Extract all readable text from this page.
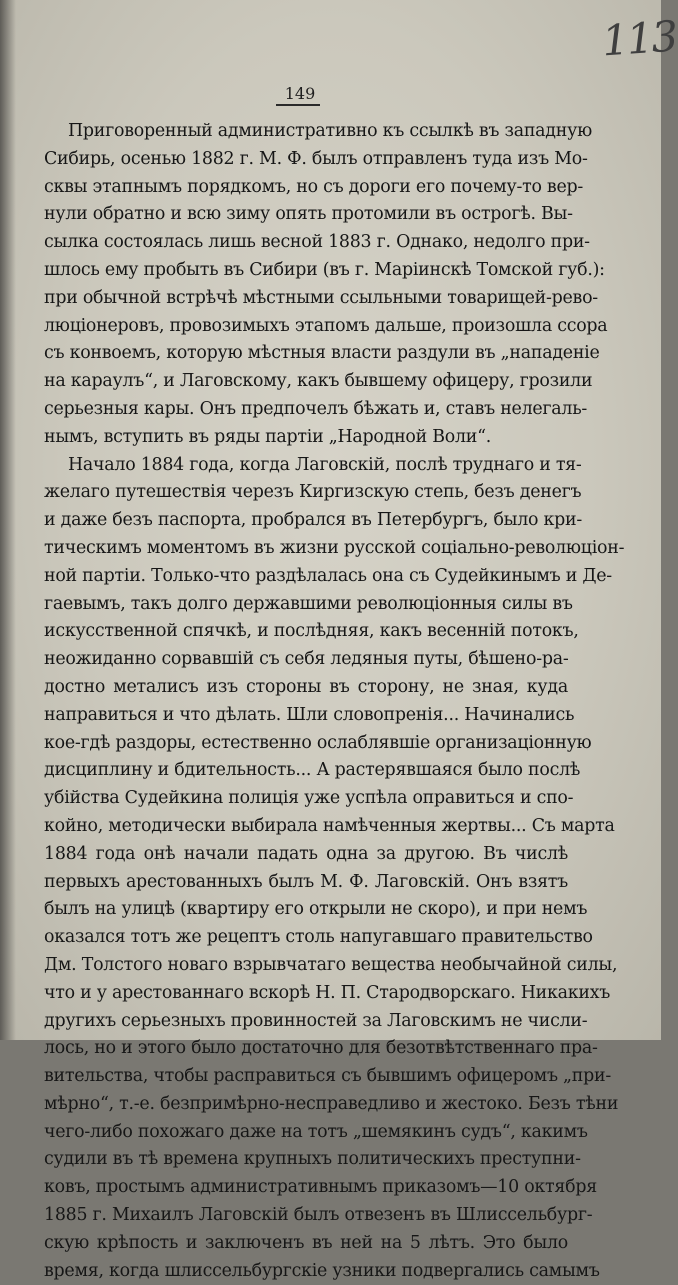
113
149
Приговоренный административно къ ссылкѣ въ западную
Сибирь, осенью 1882 г. М. Ф. былъ отправленъ туда изъ Мо-
сквы этапнымъ порядкомъ, но съ дороги его почему-то вер-
нули обратно и всю зиму опять протомили въ острогѣ. Вы-
сылка состоялась лишь весной 1883 г. Однако, недолго при-
шлось ему пробыть въ Сибири (въ г. Маріинскѣ Томской губ.):
при обычной встрѣчѣ мѣстными ссыльными товарищей-рево-
люціонеровъ, провозимыхъ этапомъ дальше, произошла ссора
съ конвоемъ, которую мѣстныя власти раздули въ „нападеніе
на караулъ“, и Лаговскому, какъ бывшему офицеру, грозили
серьезныя кары. Онъ предпочелъ бѣжать и, ставъ нелегаль-
нымъ, вступить въ ряды партіи „Народной Воли“.
Начало 1884 года, когда Лаговскій, послѣ труднаго и тя-
желаго путешествія черезъ Киргизскую степь, безъ денегъ
и даже безъ паспорта, пробрался въ Петербургъ, было кри-
тическимъ моментомъ въ жизни русской соціально-революціон-
ной партіи. Только-что раздѣлалась она съ Судейкинымъ и Де-
гаевымъ, такъ долго державшими революціонныя силы въ
искусственной спячкѣ, и послѣдняя, какъ весенній потокъ,
неожиданно сорвавшій съ себя ледяныя путы, бѣшено-ра-
достно металисъ изъ стороны въ сторону, не зная, куда
направиться и что дѣлать. Шли словопренія... Начинались
кое-гдѣ раздоры, естественно ослаблявшіе организаціонную
дисциплину и бдительность... А растерявшаяся было послѣ
убійства Судейкина полиція уже успѣла оправиться и спо-
койно, методически выбирала намѣченныя жертвы... Съ марта
1884 года онѣ начали падать одна за другою. Въ числѣ
первыхъ арестованныхъ былъ М. Ф. Лаговскій. Онъ взятъ
былъ на улицѣ (квартиру его открыли не скоро), и при немъ
оказался тотъ же рецептъ столь напугавшаго правительство
Дм. Толстого новаго взрывчатаго вещества необычайной силы,
что и у арестованнаго вскорѣ Н. П. Стародворскаго. Никакихъ
другихъ серьезныхъ провинностей за Лаговскимъ не числи-
лось, но и этого было достаточно для безотвѣтственнаго пра-
вительства, чтобы расправиться съ бывшимъ офицеромъ „при-
мѣрно“, т.-е. безпримѣрно-несправедливо и жестоко. Безъ тѣни
чего-либо похожаго даже на тотъ „шемякинъ судъ“, какимъ
судили въ тѣ времена крупныхъ политическихъ преступни-
ковъ, простымъ административнымъ приказомъ—10 октября
1885 г. Михаилъ Лаговскій былъ отвезенъ въ Шлиссельбург-
скую крѣпость и заключенъ въ ней на 5 лѣтъ. Это было
время, когда шлиссельбургскіе узники подвергались самымъ
